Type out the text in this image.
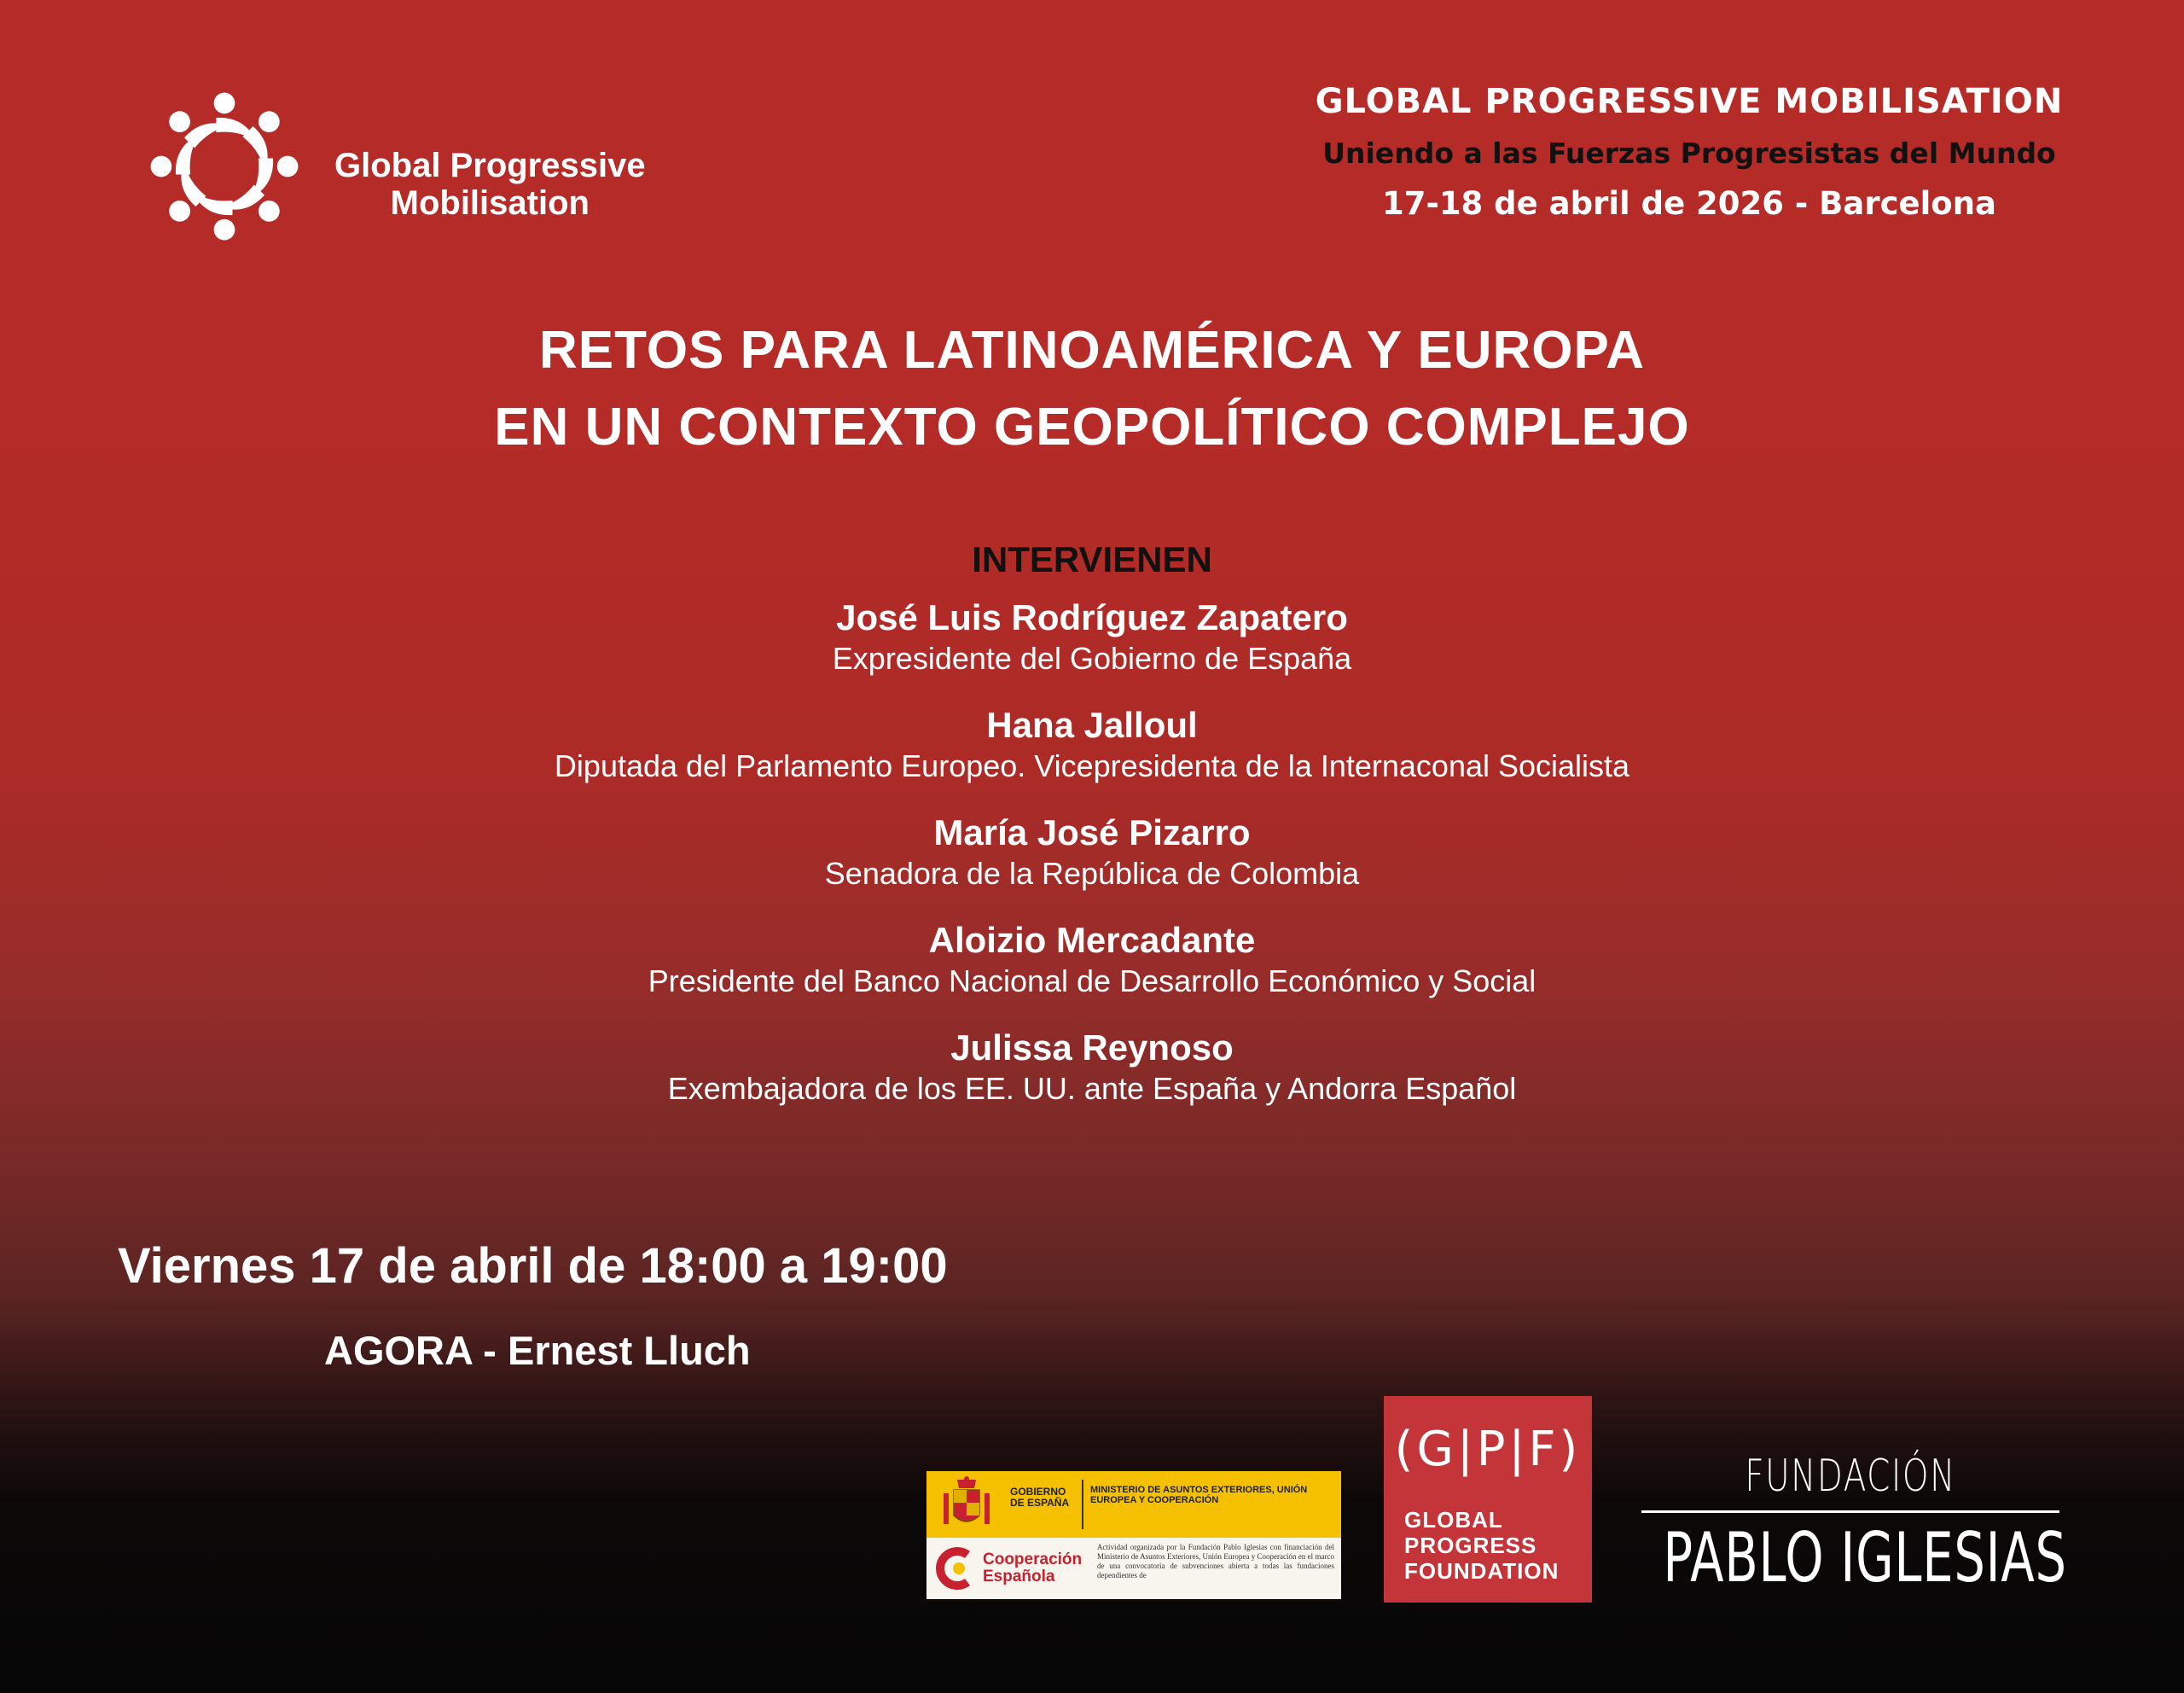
Global Progressive
Mobilisation
GLOBAL PROGRESSIVE MOBILISATION
Uniendo a las Fuerzas Progresistas del Mundo
17-18 de abril de 2026 - Barcelona
RETOS PARA LATINOAMÉRICA Y EUROPA
EN UN CONTEXTO GEOPOLÍTICO COMPLEJO
INTERVIENEN
José Luis Rodríguez Zapatero
Expresidente del Gobierno de España
Hana Jalloul
Diputada del Parlamento Europeo. Vicepresidenta de la Internaconal Socialista
María José Pizarro
Senadora de la República de Colombia
Aloizio Mercadante
Presidente del Banco Nacional de Desarrollo Económico y Social
Julissa Reynoso
Exembajadora de los EE. UU. ante España y Andorra Español
Viernes 17 de abril de 18:00 a 19:00
AGORA - Ernest Lluch
GOBIERNO DE ESPAÑA
MINISTERIO DE ASUNTOS EXTERIORES, UNIÓN EUROPEA Y COOPERACIÓN
Cooperación
Española
Actividad organizada por la Fundación Pablo Iglesias con financiación del Ministerio de Asuntos Exteriores, Unión Europea y Cooperación en el marco de una convocatoria de subvenciones abierta a todas las fundaciones dependientes de
(G|P|F)
GLOBAL
PROGRESS
FOUNDATION
FUNDACIÓN
PABLO IGLESIAS
